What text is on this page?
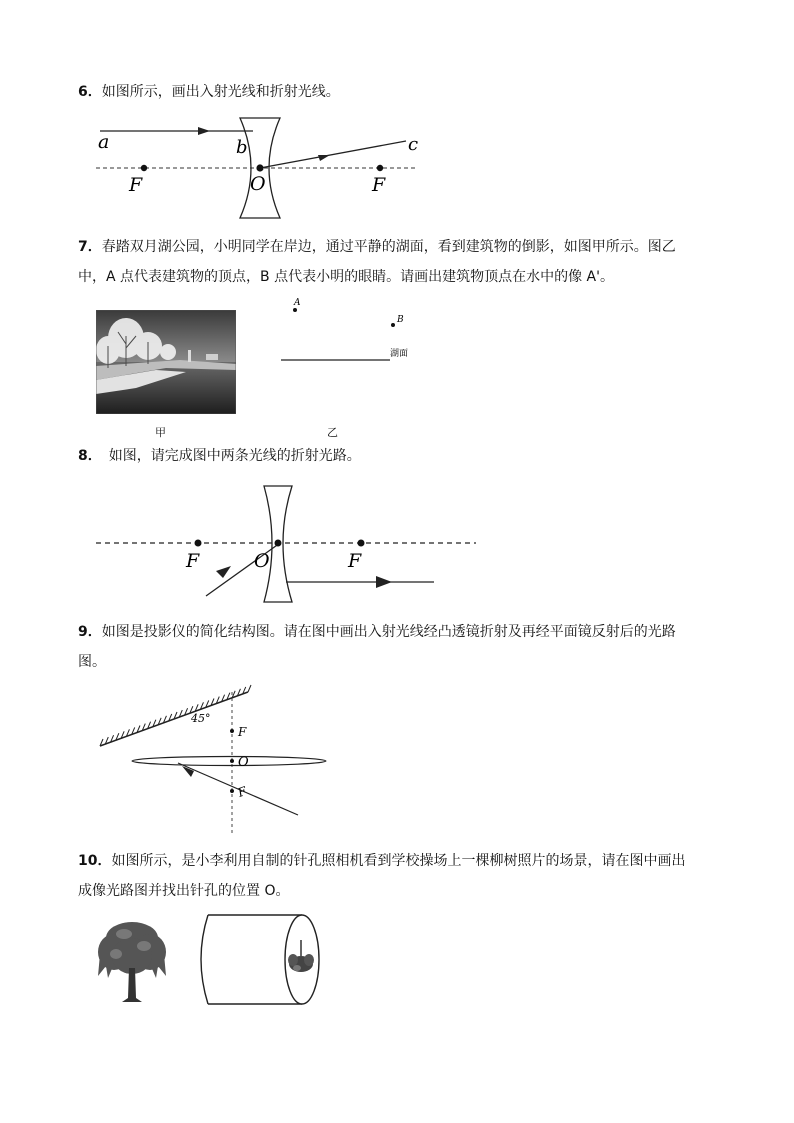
6．如图所示，画出入射光线和折射光线。
a	b	c
O
F	F
7．春踏双月湖公园，小明同学在岸边，通过平静的湖面，看到建筑物的倒影，如图甲所示。图乙
中，A 点代表建筑物的顶点，B 点代表小明的眼睛。请画出建筑物顶点在水中的像 A'。
甲
A
B
湖面
乙
8．　如图，请完成图中两条光线的折射光路。
F	O	F
9．如图是投影仪的简化结构图。请在图中画出入射光线经凸透镜折射及再经平面镜反射后的光路
图。
45°
F
O
F
10．如图所示，是小李利用自制的针孔照相机看到学校操场上一棵柳树照片的场景，请在图中画出
成像光路图并找出针孔的位置 O。
